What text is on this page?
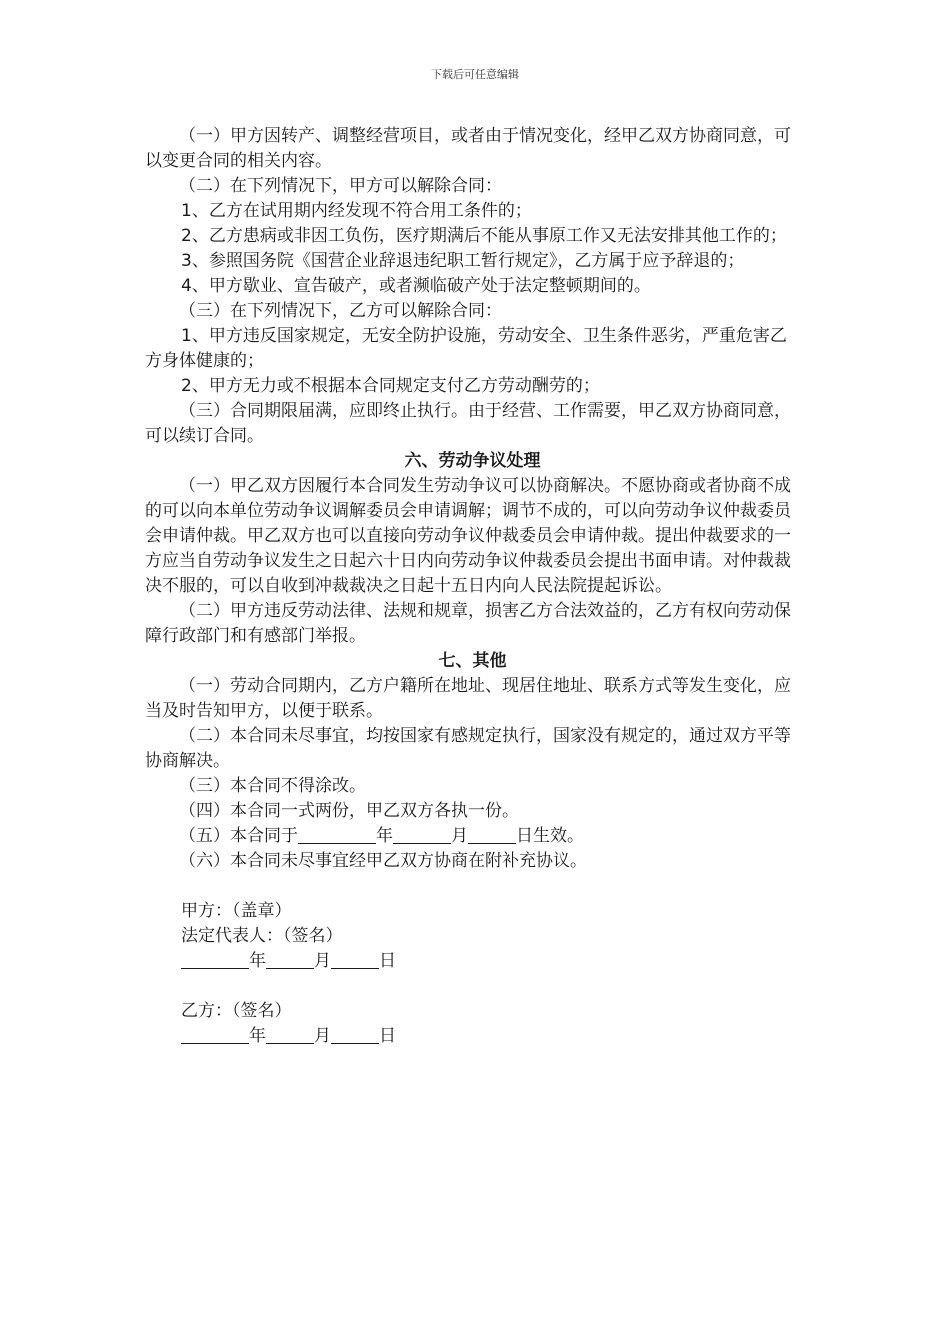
下载后可任意编辑

（一）甲方因转产、调整经营项目，或者由于情况变化，经甲乙双方协商同意，可以变更合同的相关内容。

（二）在下列情况下，甲方可以解除合同：

1、乙方在试用期内经发现不符合用工条件的；

2、乙方患病或非因工负伤，医疗期满后不能从事原工作又无法安排其他工作的；

3、参照国务院《国营企业辞退违纪职工暂行规定》，乙方属于应予辞退的；

4、甲方歇业、宣告破产，或者濒临破产处于法定整顿期间的。

（三）在下列情况下，乙方可以解除合同：

1、甲方违反国家规定，无安全防护设施，劳动安全、卫生条件恶劣，严重危害乙方身体健康的；

2、甲方无力或不根据本合同规定支付乙方劳动酬劳的；

（三）合同期限届满，应即终止执行。由于经营、工作需要，甲乙双方协商同意，可以续订合同。

六、劳动争议处理

（一）甲乙双方因履行本合同发生劳动争议可以协商解决。不愿协商或者协商不成的可以向本单位劳动争议调解委员会申请调解；调节不成的，可以向劳动争议仲裁委员会申请仲裁。甲乙双方也可以直接向劳动争议仲裁委员会申请仲裁。提出仲裁要求的一方应当自劳动争议发生之日起六十日内向劳动争议仲裁委员会提出书面申请。对仲裁裁决不服的，可以自收到冲裁裁决之日起十五日内向人民法院提起诉讼。

（二）甲方违反劳动法律、法规和规章，损害乙方合法效益的，乙方有权向劳动保障行政部门和有感部门举报。

七、其他

（一）劳动合同期内，乙方户籍所在地址、现居住地址、联系方式等发生变化，应当及时告知甲方，以便于联系。

（二）本合同未尽事宜，均按国家有感规定执行，国家没有规定的，通过双方平等协商解决。

（三）本合同不得涂改。

（四）本合同一式两份，甲乙双方各执一份。

（五）本合同于	年	月	日生效。

（六）本合同未尽事宜经甲乙双方协商在附补充协议。

甲方：（盖章）

法定代表人：（签名）

年	月	日

乙方：（签名）

年	月	日
